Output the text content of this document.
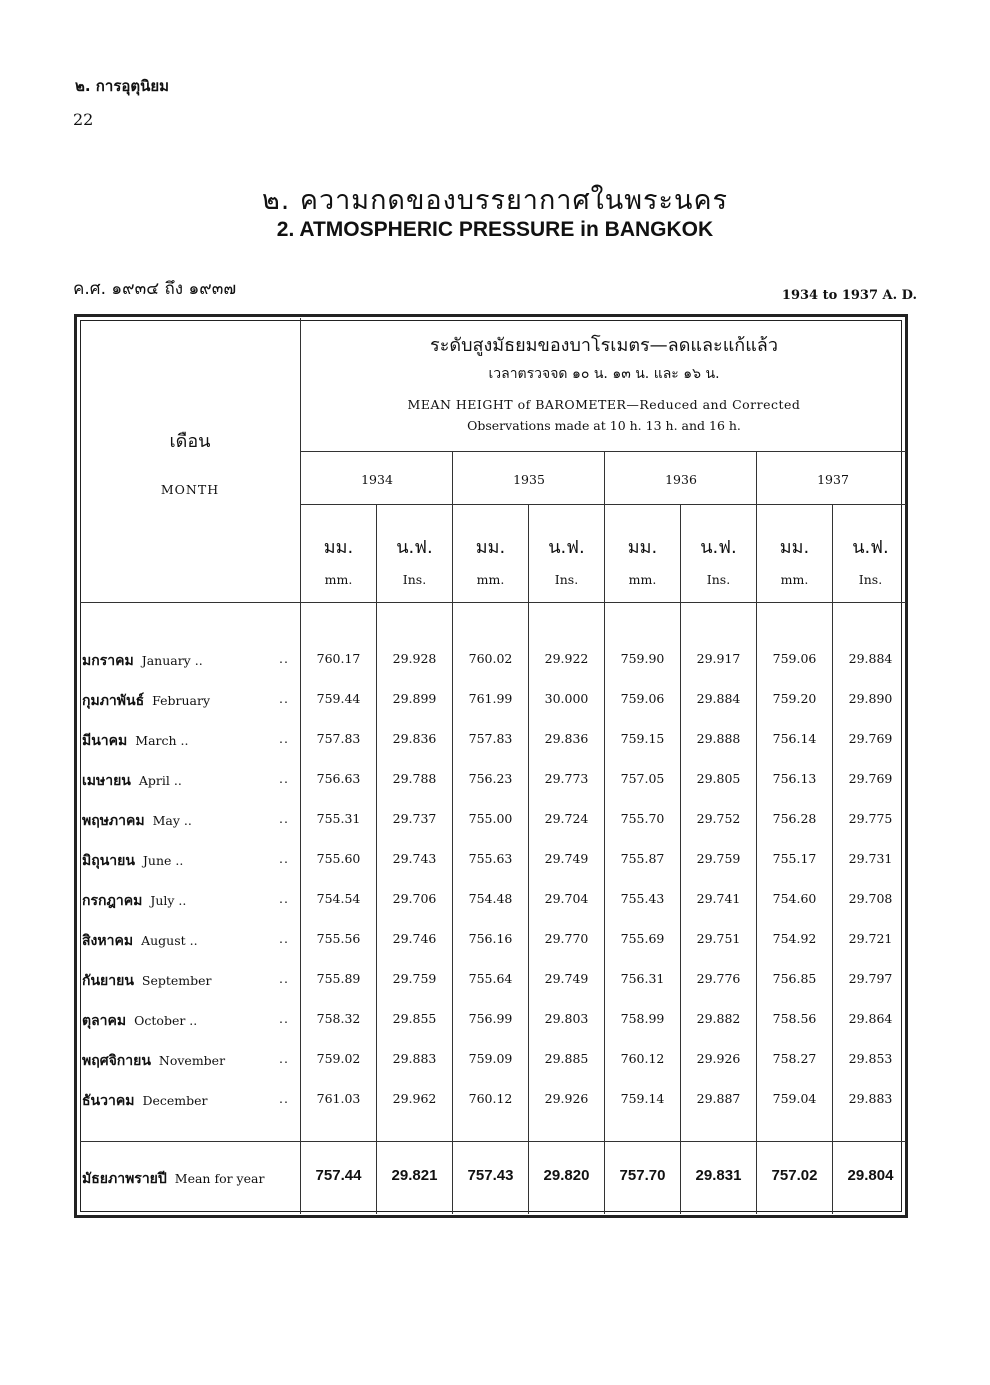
๒. การอุตุนิยม
22
๒. ความกดของบรรยากาศในพระนคร
2. ATMOSPHERIC PRESSURE in BANGKOK
ค.ศ. ๑๙๓๔ ถึง ๑๙๓๗	1934 to 1937 A. D.
ระดับสูงมัธยมของบาโรเมตร—ลดและแก้แล้ว
เวลาตรวจจด ๑๐ น. ๑๓ น. และ ๑๖ น.
MEAN HEIGHT of BAROMETER—Reduced and Corrected
Observations made at 10 h. 13 h. and 16 h.
เดือน
MONTH
1934	1935	1936	1937
มม.	น.ฟ.	มม.	น.ฟ.	มม.	น.ฟ.	มม.	น.ฟ.
mm.	Ins.	mm.	Ins.	mm.	Ins.	mm.	Ins.
มกราคม January ..	..	760.17	29.928	760.02	29.922	759.90	29.917	759.06	29.884
กุมภาพันธ์ February	..	759.44	29.899	761.99	30.000	759.06	29.884	759.20	29.890
มีนาคม March ..	..	757.83	29.836	757.83	29.836	759.15	29.888	756.14	29.769
เมษายน April ..	..	756.63	29.788	756.23	29.773	757.05	29.805	756.13	29.769
พฤษภาคม May ..	..	755.31	29.737	755.00	29.724	755.70	29.752	756.28	29.775
มิถุนายน June ..	..	755.60	29.743	755.63	29.749	755.87	29.759	755.17	29.731
กรกฎาคม July ..	..	754.54	29.706	754.48	29.704	755.43	29.741	754.60	29.708
สิงหาคม August ..	..	755.56	29.746	756.16	29.770	755.69	29.751	754.92	29.721
กันยายน September	..	755.89	29.759	755.64	29.749	756.31	29.776	756.85	29.797
ตุลาคม October ..	..	758.32	29.855	756.99	29.803	758.99	29.882	758.56	29.864
พฤศจิกายน November	..	759.02	29.883	759.09	29.885	760.12	29.926	758.27	29.853
ธันวาคม December	..	761.03	29.962	760.12	29.926	759.14	29.887	759.04	29.883
มัธยภาพรายปี Mean for year	757.44	29.821	757.43	29.820	757.70	29.831	757.02	29.804
